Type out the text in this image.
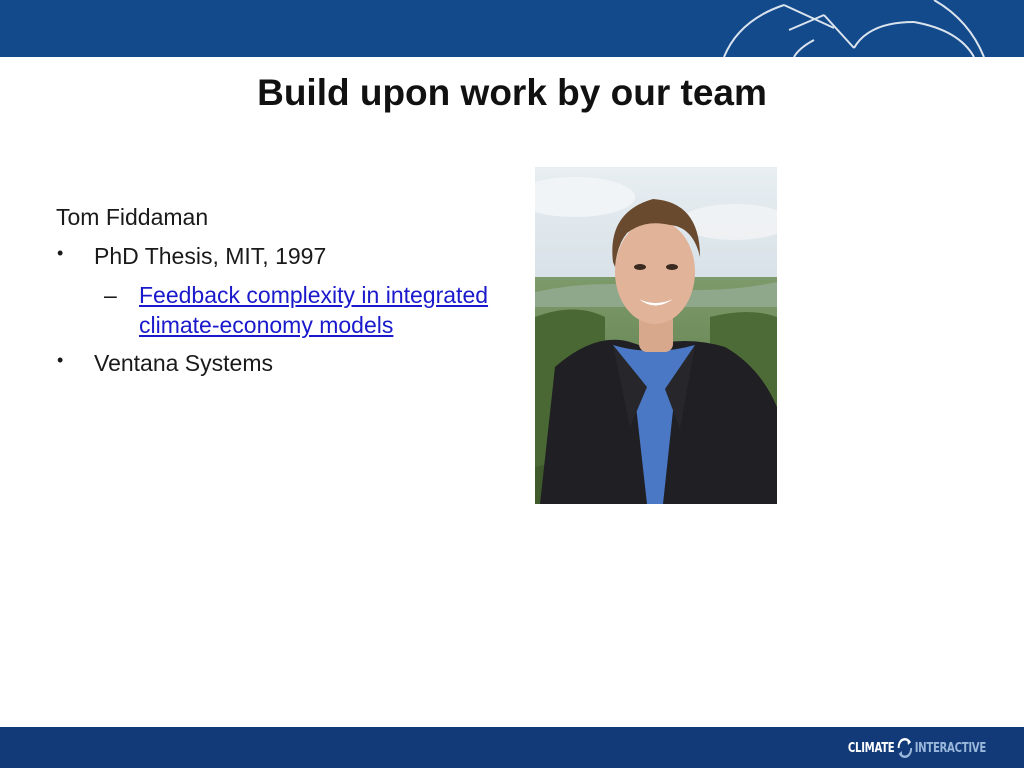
Build upon work by our team
Tom Fiddaman
• PhD Thesis, MIT, 1997
– Feedback complexity in integrated climate-economy models
• Ventana Systems
CLIMATE INTERACTIVE
